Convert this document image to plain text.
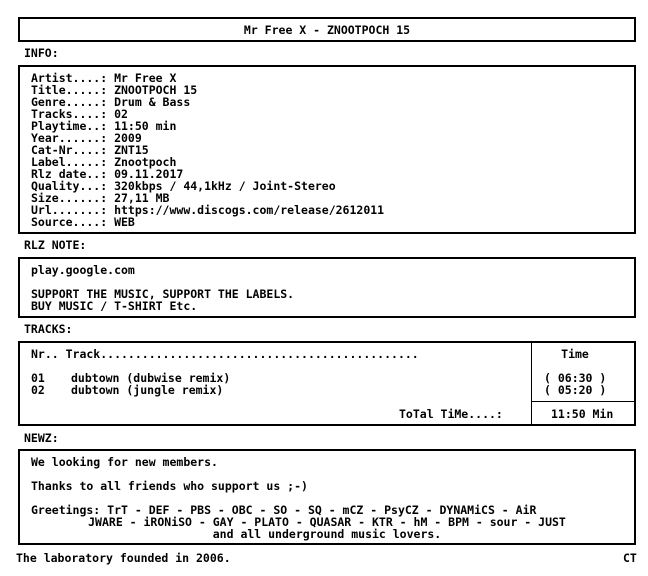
Mr Free X - ZNOOTPOCH 15
INFO:
Artist....: Mr Free X
Title.....: ZNOOTPOCH 15
Genre.....: Drum & Bass
Tracks....: 02
Playtime..: 11:50 min
Year......: 2009
Cat-Nr....: ZNT15
Label.....: Znootpoch
Rlz date..: 09.11.2017
Quality...: 320kbps / 44,1kHz / Joint-Stereo
Size......: 27,11 MB
Url.......: https://www.discogs.com/release/2612011
Source....: WEB
RLZ NOTE:
play.google.com
SUPPORT THE MUSIC, SUPPORT THE LABELS.
BUY MUSIC / T-SHIRT Etc.
TRACKS:
Nr.. Track..............................................	Time
01 dubtown (dubwise remix)	( 06:30 )
02 dubtown (jungle remix)	( 05:20 )
ToTal TiMe....:	11:50 Min
NEWZ:
We looking for new members.
Thanks to all friends who support us ;-)
Greetings: TrT - DEF - PBS - OBC - SO - SQ - mCZ - PsyCZ - DYNAMiCS - AiR
JWARE - iRONiSO - GAY - PLATO - QUASAR - KTR - hM - BPM - sour - JUST
and all underground music lovers.
The laboratory founded in 2006.	CT
